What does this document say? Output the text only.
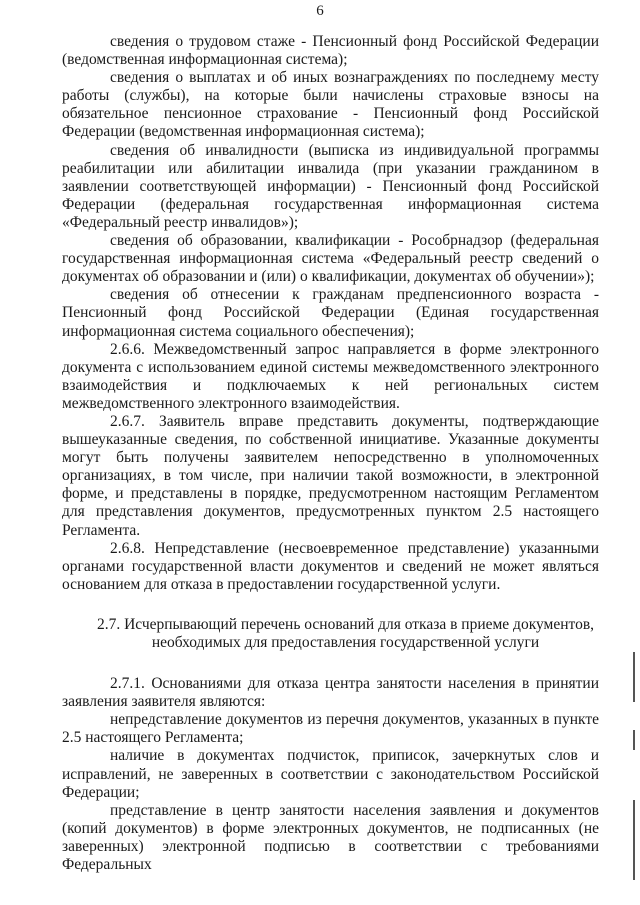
6

сведения о трудовом стаже - Пенсионный фонд Российской Федерации (ведомственная информационная система);

сведения о выплатах и об иных вознаграждениях по последнему месту работы (службы), на которые были начислены страховые взносы на обязательное пенсионное страхование - Пенсионный фонд Российской Федерации (ведомственная информационная система);

сведения об инвалидности (выписка из индивидуальной программы реабилитации или абилитации инвалида (при указании гражданином в заявлении соответствующей информации) - Пенсионный фонд Российской Федерации (федеральная государственная информационная система «Федеральный реестр инвалидов»);

сведения об образовании, квалификации - Рособрнадзор (федеральная государственная информационная система «Федеральный реестр сведений о документах об образовании и (или) о квалификации, документах об обучении»);

сведения об отнесении к гражданам предпенсионного возраста - Пенсионный фонд Российской Федерации (Единая государственная информационная система социального обеспечения);

2.6.6. Межведомственный запрос направляется в форме электронного документа с использованием единой системы межведомственного электронного взаимодействия и подключаемых к ней региональных систем межведомственного электронного взаимодействия.

2.6.7. Заявитель вправе представить документы, подтверждающие вышеуказанные сведения, по собственной инициативе. Указанные документы могут быть получены заявителем непосредственно в уполномоченных организациях, в том числе, при наличии такой возможности, в электронной форме, и представлены в порядке, предусмотренном настоящим Регламентом для представления документов, предусмотренных пунктом 2.5 настоящего Регламента.

2.6.8. Непредставление (несвоевременное представление) указанными органами государственной власти документов и сведений не может являться основанием для отказа в предоставлении государственной услуги.

2.7. Исчерпывающий перечень оснований для отказа в приеме документов,
необходимых для предоставления государственной услуги

2.7.1. Основаниями для отказа центра занятости населения в принятии заявления заявителя являются:

непредставление документов из перечня документов, указанных в пункте 2.5 настоящего Регламента;

наличие в документах подчисток, приписок, зачеркнутых слов и исправлений, не заверенных в соответствии с законодательством Российской Федерации;

представление в центр занятости населения заявления и документов (копий документов) в форме электронных документов, не подписанных (не заверенных) электронной подписью в соответствии с требованиями Федеральных
